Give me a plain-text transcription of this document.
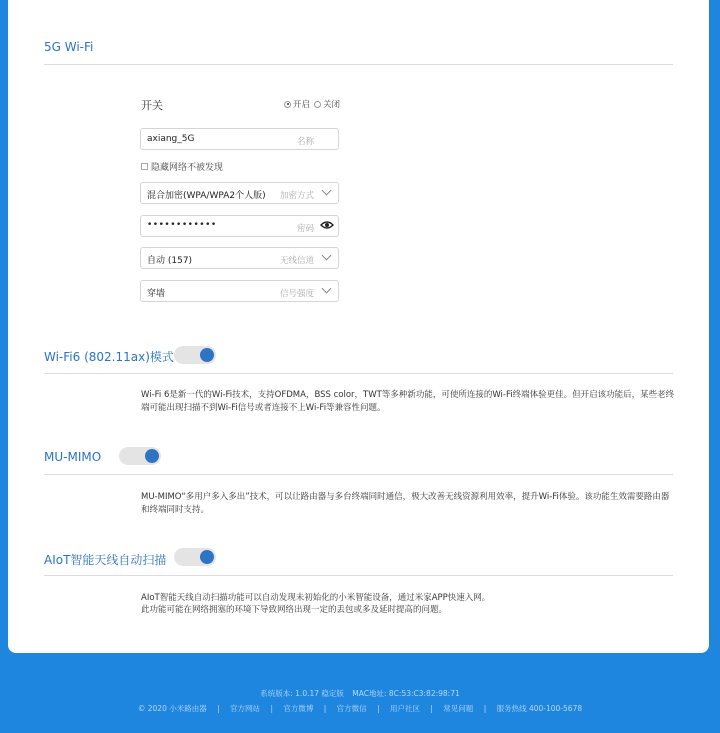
5G Wi-Fi
开关	开启 关闭
axiang_5G	名称
隐藏网络不被发现
混合加密(WPA/WPA2个人版) 加密方式
••••••••••••	密码
自动 (157)	无线信道
穿墙	信号强度
Wi-Fi6 (802.11ax)模式
Wi-Fi 6是新一代的Wi-Fi技术，支持OFDMA，BSS color，TWT等多种新功能，可使所连接的Wi-Fi终端体验更佳。但开启该功能后，某些老终端可能出现扫描不到Wi-Fi信号或者连接不上Wi-Fi等兼容性问题。
MU-MIMO
MU-MIMO“多用户多入多出”技术，可以让路由器与多台终端同时通信，极大改善无线资源利用效率，提升Wi-Fi体验。该功能生效需要路由器和终端同时支持。
AIoT智能天线自动扫描
AIoT智能天线自动扫描功能可以自动发现未初始化的小米智能设备，通过米家APP快速入网。
此功能可能在网络拥塞的环境下导致网络出现一定的丢包或多及延时提高的问题。
系统版本: 1.0.17 稳定版 MAC地址: 8C:53:C3:82:98:71
© 2020 小米路由器 | 官方网站 | 官方微博 | 官方微信 | 用户社区 | 常见问题 | 服务热线 400-100-5678
